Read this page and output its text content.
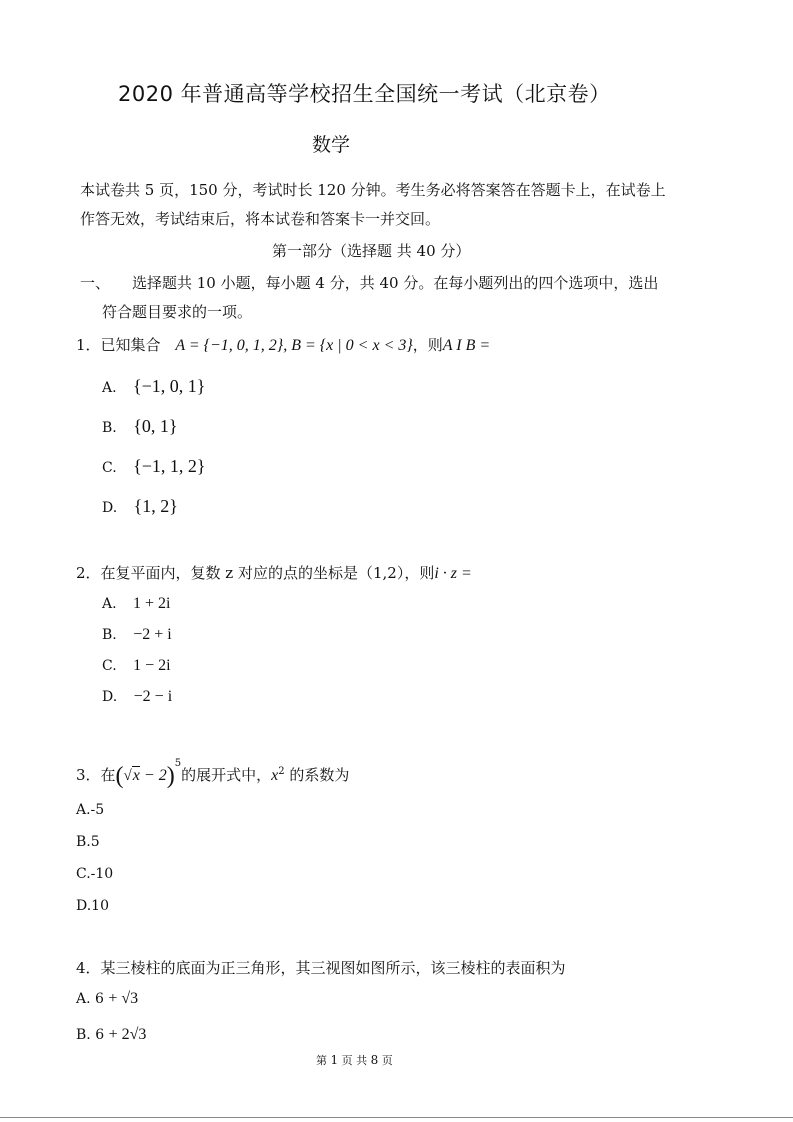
2020 年普通高等学校招生全国统一考试（北京卷）
数学
本试卷共 5 页，150 分，考试时长 120 分钟。考生务必将答案答在答题卡上，在试卷上
作答无效，考试结束后，将本试卷和答案卡一并交回。
第一部分（选择题 共 40 分）
一、 选择题共 10 小题，每小题 4 分，共 40 分。在每小题列出的四个选项中，选出
符合题目要求的一项。
1．已知集合 A = {−1, 0, 1, 2}, B = {x | 0 < x < 3}，则A I B =
A. {−1, 0, 1}
B. {0, 1}
C. {−1, 1, 2}
D. {1, 2}
2．在复平面内，复数 z 对应的点的坐标是（1,2），则i · z =
A. 1 + 2i
B. −2 + i
C. 1 − 2i
D. −2 − i
3．在$(√x - 2)^5$的展开式中，$x^2$ 的系数为
A.-5
B.5
C.-10
D.10
4．某三棱柱的底面为正三角形，其三视图如图所示，该三棱柱的表面积为
A. 6 + √3
B. 6 + 2√3
第 1 页 共 8 页
